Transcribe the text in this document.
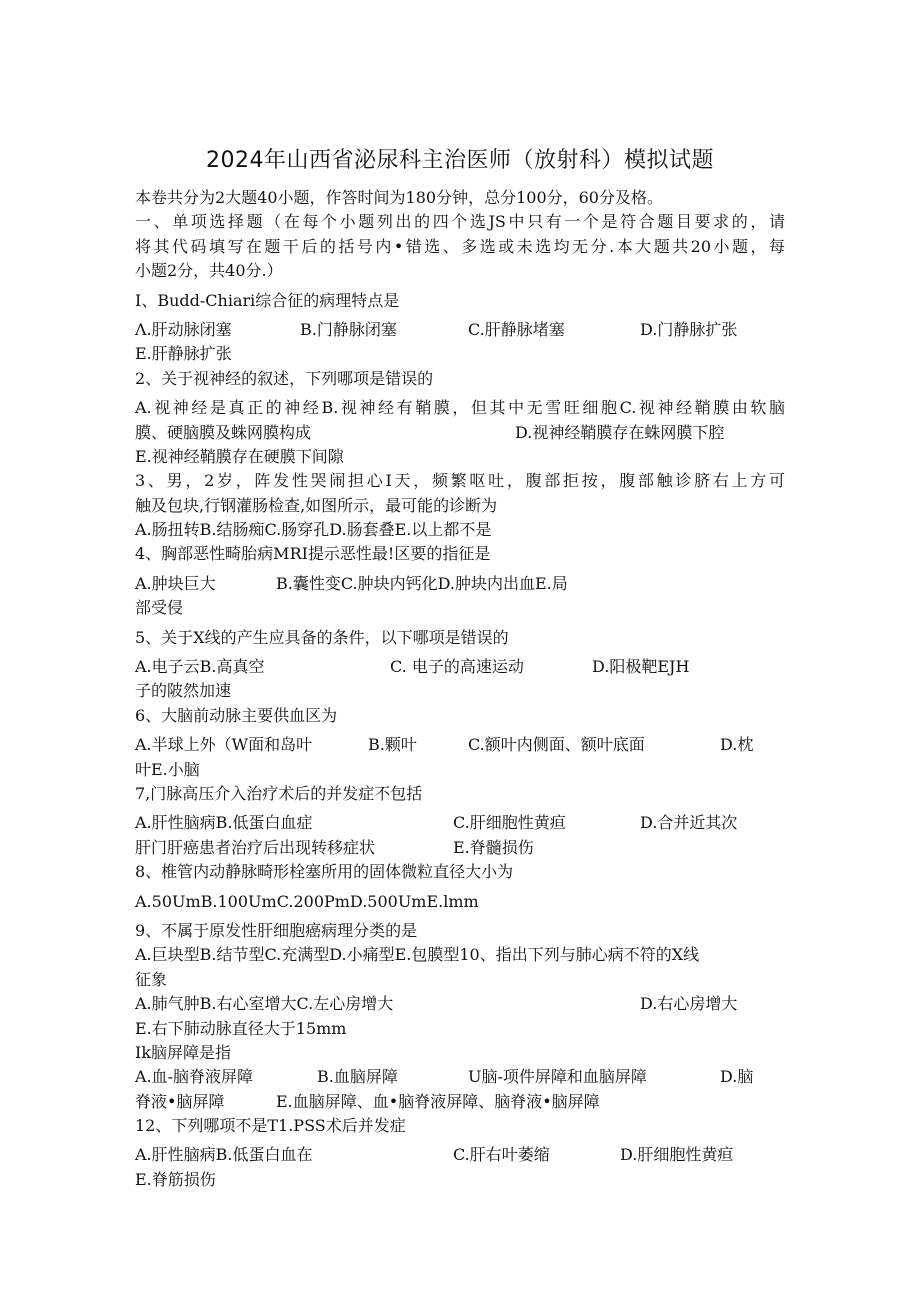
2024年山西省泌尿科主治医师（放射科）模拟试题
本卷共分为2大题40小题，作答时间为180分钟，总分100分，60分及格。
一、单项选择题（在每个小题列出的四个选JS中只有一个是符合题目要求的，请
将其代码填写在题干后的括号内•错选、多选或未选均无分.本大题共20小题，每
小题2分，共40分.）
I、Budd-Chiari综合征的病理特点是
Λ.肝动脉闭塞	B.门静脉闭塞	C.肝静脉堵塞	D.门静脉扩张
E.肝静脉扩张
2、关于视神经的叙述，下列哪项是错误的
A.视神经是真正的神经B.视神经有鞘膜，但其中无雪旺细胞C.视神经鞘膜由软脑
膜、硬脑膜及蛛网膜构成	D.视神经鞘膜存在蛛网膜下腔
E.视神经鞘膜存在硬膜下间隙
3、男，2岁，阵发性哭闹担心I天，频繁呕吐，腹部拒按，腹部触诊脐右上方可
触及包块,行钢灌肠检查,如图所示，最可能的诊断为
A.肠扭转B.结肠痴C.肠穿孔D.肠套叠E.以上都不是
4、胸部恶性畸胎病MRI提示恶性最!区要的指征是
A.肿块巨大	B.囊性变C.肿块内钙化D.肿块内出血E.局
部受侵
5、关于X线的产生应具备的条件，以下哪项是错误的
A.电子云B.高真空	C. 电子的高速运动	D.阳极靶EJH
子的陂然加速
6、大脑前动脉主要供血区为
A.半球上外（W面和岛叶	B.颗叶	C.额叶内侧面、额叶底面	D.枕
叶E.小脑
7,门脉高压介入治疗术后的并发症不包括
A.肝性脑病B.低蛋白血症	C.肝细胞性黄疸	D.合并近其次
肝门肝癌患者治疗后出现转移症状	E.脊髓损伤
8、椎管内动静脉畸形栓塞所用的固体微粒直径大小为
A.50UmB.100UmC.200PmD.500UmE.lmm
9、不属于原发性肝细胞癌病理分类的是
A.巨块型B.结节型C.充满型D.小痛型E.包膜型10、指出下列与肺心病不符的X线
征象
A.肺气肿B.右心室增大C.左心房增大	D.右心房增大
E.右下肺动脉直径大于15mm
Ik脑屏障是指
A.血-脑脊液屏障	B.血脑屏障	U脑-项件屏障和血脑屏障	D.脑
脊液•脑屏障	E.血脑屏障、血•脑脊液屏障、脑脊液•脑屏障
12、下列哪项不是T1.PSS术后并发症
A.肝性脑病B.低蛋白血在	C.肝右叶萎缩	D.肝细胞性黄疸
E.脊筋损伤
